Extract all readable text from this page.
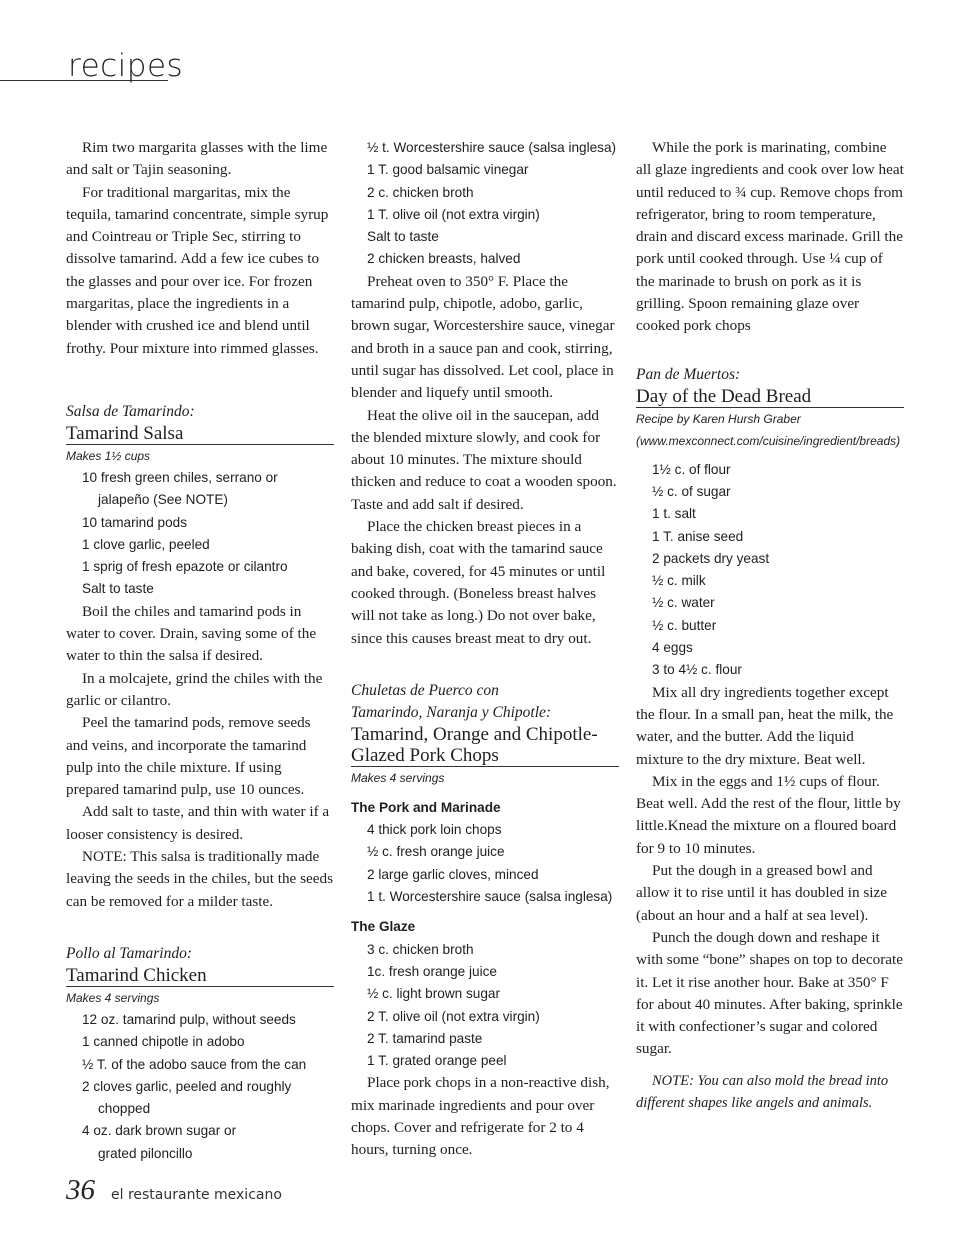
recipes

Rim two margarita glasses with the lime and salt or Tajin seasoning.

For traditional margaritas, mix the tequila, tamarind concentrate, simple syrup and Cointreau or Triple Sec, stirring to dissolve tamarind. Add a few ice cubes to the glasses and pour over ice. For frozen margaritas, place the ingredients in a blender with crushed ice and blend until frothy. Pour mixture into rimmed glasses.

Salsa de Tamarindo:

Tamarind Salsa

Makes 1½ cups

10 fresh green chiles, serrano or
jalapeño (See NOTE)
10 tamarind pods
1 clove garlic, peeled
1 sprig of fresh epazote or cilantro
Salt to taste

Boil the chiles and tamarind pods in water to cover. Drain, saving some of the water to thin the salsa if desired.

In a molcajete, grind the chiles with the garlic or cilantro.

Peel the tamarind pods, remove seeds and veins, and incorporate the tamarind pulp into the chile mixture. If using prepared tamarind pulp, use 10 ounces.

Add salt to taste, and thin with water if a looser consistency is desired.

NOTE: This salsa is traditionally made leaving the seeds in the chiles, but the seeds can be removed for a milder taste.

Pollo al Tamarindo:

Tamarind Chicken

Makes 4 servings

12 oz. tamarind pulp, without seeds
1 canned chipotle in adobo
½ T. of the adobo sauce from the can
2 cloves garlic, peeled and roughly
chopped
4 oz. dark brown sugar or
grated piloncillo
½ t. Worcestershire sauce (salsa inglesa)
1 T. good balsamic vinegar
2 c. chicken broth
1 T. olive oil (not extra virgin)
Salt to taste
2 chicken breasts, halved

Preheat oven to 350° F. Place the tamarind pulp, chipotle, adobo, garlic, brown sugar, Worcestershire sauce, vinegar and broth in a sauce pan and cook, stirring, until sugar has dissolved. Let cool, place in blender and liquefy until smooth.

Heat the olive oil in the saucepan, add the blended mixture slowly, and cook for about 10 minutes. The mixture should thicken and reduce to coat a wooden spoon. Taste and add salt if desired.

Place the chicken breast pieces in a baking dish, coat with the tamarind sauce and bake, covered, for 45 minutes or until cooked through. (Boneless breast halves will not take as long.) Do not over bake, since this causes breast meat to dry out.

Chuletas de Puerco con

Tamarindo, Naranja y Chipotle:

Tamarind, Orange and Chipotle-

Glazed Pork Chops

Makes 4 servings

The Pork and Marinade

4 thick pork loin chops
½ c. fresh orange juice
2 large garlic cloves, minced
1 t. Worcestershire sauce (salsa inglesa)

The Glaze

3 c. chicken broth
1c. fresh orange juice
½ c. light brown sugar
2 T. olive oil (not extra virgin)
2 T. tamarind paste
1 T. grated orange peel

Place pork chops in a non-reactive dish, mix marinade ingredients and pour over chops. Cover and refrigerate for 2 to 4 hours, turning once.

While the pork is marinating, combine all glaze ingredients and cook over low heat until reduced to ¾ cup. Remove chops from refrigerator, bring to room temperature, drain and discard excess marinade. Grill the pork until cooked through. Use ¼ cup of the marinade to brush on pork as it is grilling. Spoon remaining glaze over cooked pork chops

Pan de Muertos:

Day of the Dead Bread

Recipe by Karen Hursh Graber

(www.mexconnect.com/cuisine/ingredient/breads)

1½ c. of flour
½ c. of sugar
1 t. salt
1 T. anise seed
2 packets dry yeast
½ c. milk
½ c. water
½ c. butter
4 eggs
3 to 4½ c. flour

Mix all dry ingredients together except the flour. In a small pan, heat the milk, the water, and the butter. Add the liquid mixture to the dry mixture. Beat well.

Mix in the eggs and 1½ cups of flour. Beat well. Add the rest of the flour, little by little.Knead the mixture on a floured board for 9 to 10 minutes.

Put the dough in a greased bowl and allow it to rise until it has doubled in size (about an hour and a half at sea level).

Punch the dough down and reshape it with some “bone” shapes on top to decorate it. Let it rise another hour. Bake at 350° F for about 40 minutes. After baking, sprinkle it with confectioner’s sugar and colored sugar.

NOTE: You can also mold the bread into different shapes like angels and animals.

36 el restaurante mexicano
